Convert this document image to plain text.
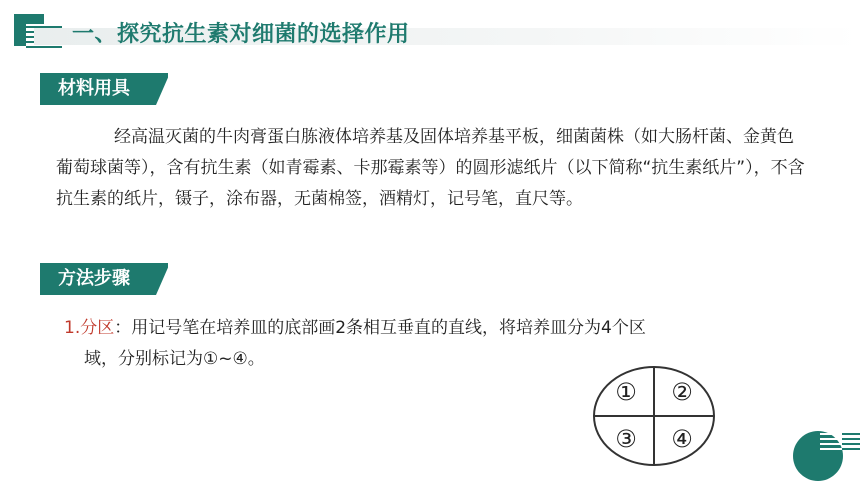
一、探究抗生素对细菌的选择作用
材料用具

经高温灭菌的牛肉膏蛋白胨液体培养基及固体培养基平板，细菌菌株（如大肠杆菌、金黄色葡萄球菌等），含有抗生素（如青霉素、卡那霉素等）的圆形滤纸片（以下简称“抗生素纸片”），不含抗生素的纸片，镊子，涂布器，无菌棉签，酒精灯，记号笔，直尺等。

方法步骤

1.分区：用记号笔在培养皿的底部画2条相互垂直的直线，将培养皿分为4个区
域，分别标记为①~④。

① ②
③ ④
